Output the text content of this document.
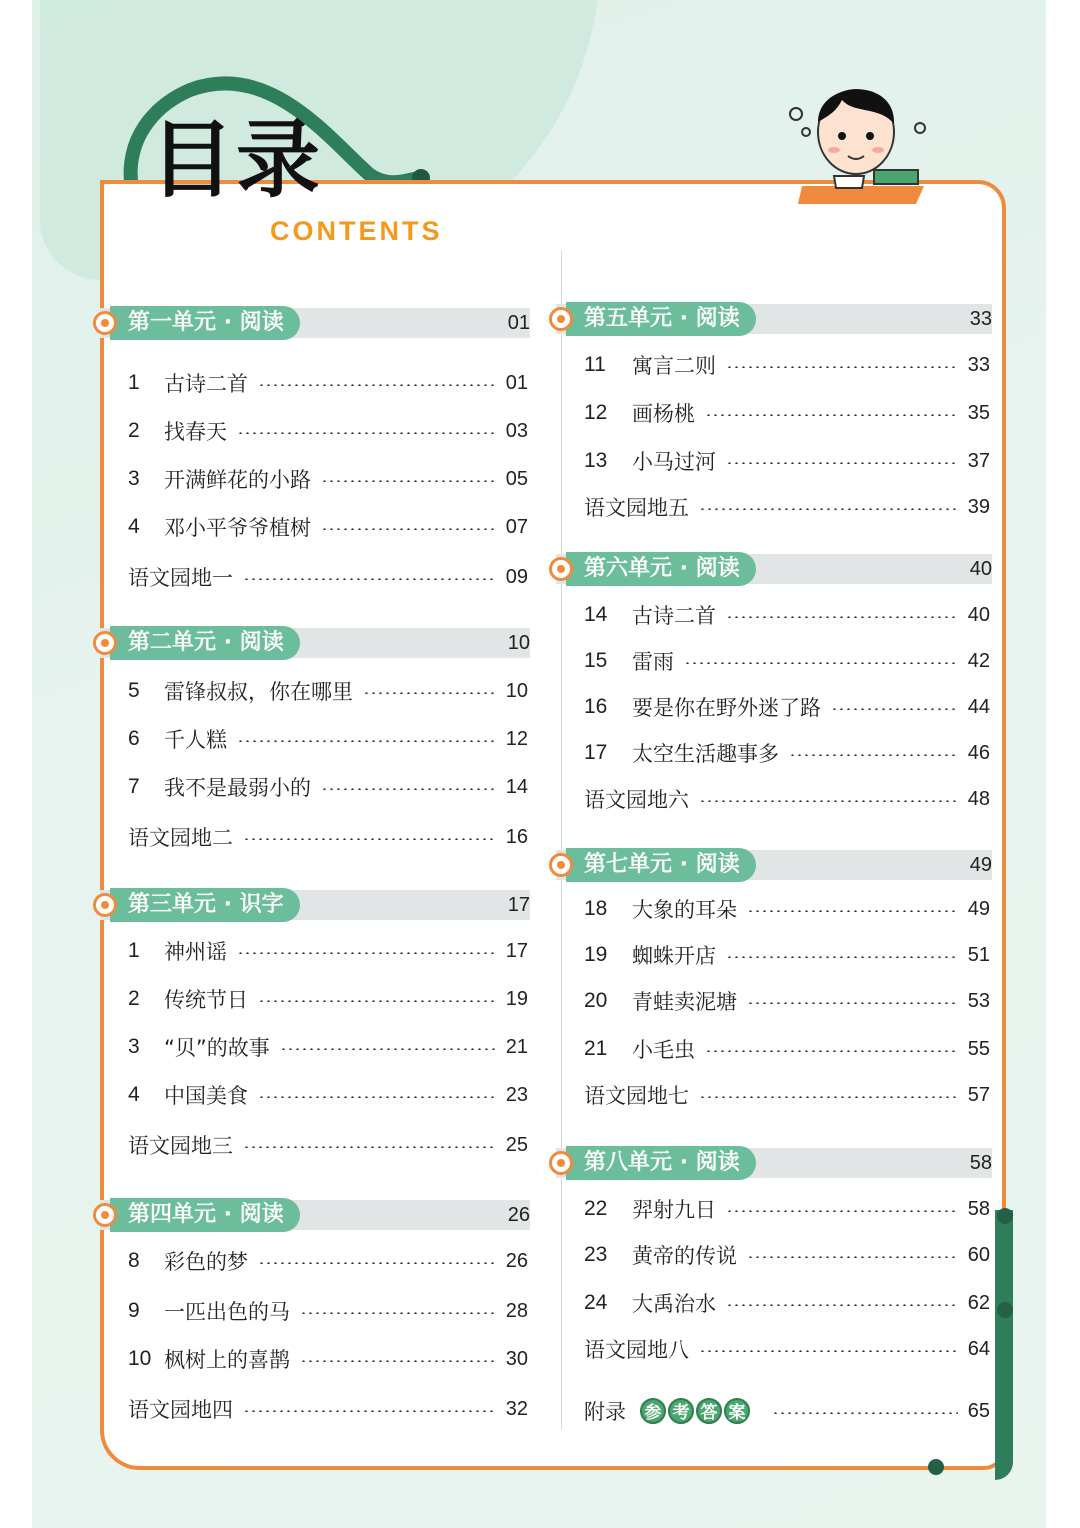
目录
CONTENTS
第一单元 · 阅读	01
1	古诗二首	01
2	找春天	03
3	开满鲜花的小路	05
4	邓小平爷爷植树	07
语文园地一	09
第二单元 · 阅读	10
5	雷锋叔叔，你在哪里	10
6	千人糕	12
7	我不是最弱小的	14
语文园地二	16
第三单元 · 识字	17
1	神州谣	17
2	传统节日	19
3	“贝”的故事	21
4	中国美食	23
语文园地三	25
第四单元 · 阅读	26
8	彩色的梦	26
9	一匹出色的马	28
10 枫树上的喜鹊	30
语文园地四	32
第五单元 · 阅读	33
11	寓言二则	33
12	画杨桃	35
13	小马过河	37
语文园地五	39
第六单元 · 阅读	40
14	古诗二首	40
15	雷雨	42
16	要是你在野外迷了路	44
17	太空生活趣事多	46
语文园地六	48
第七单元 · 阅读	49
18	大象的耳朵	49
19	蜘蛛开店	51
20	青蛙卖泥塘	53
21	小毛虫	55
语文园地七	57
第八单元 · 阅读	58
22	羿射九日	58
23	黄帝的传说	60
24	大禹治水	62
语文园地八	64
附录 参 考 答 案	65
